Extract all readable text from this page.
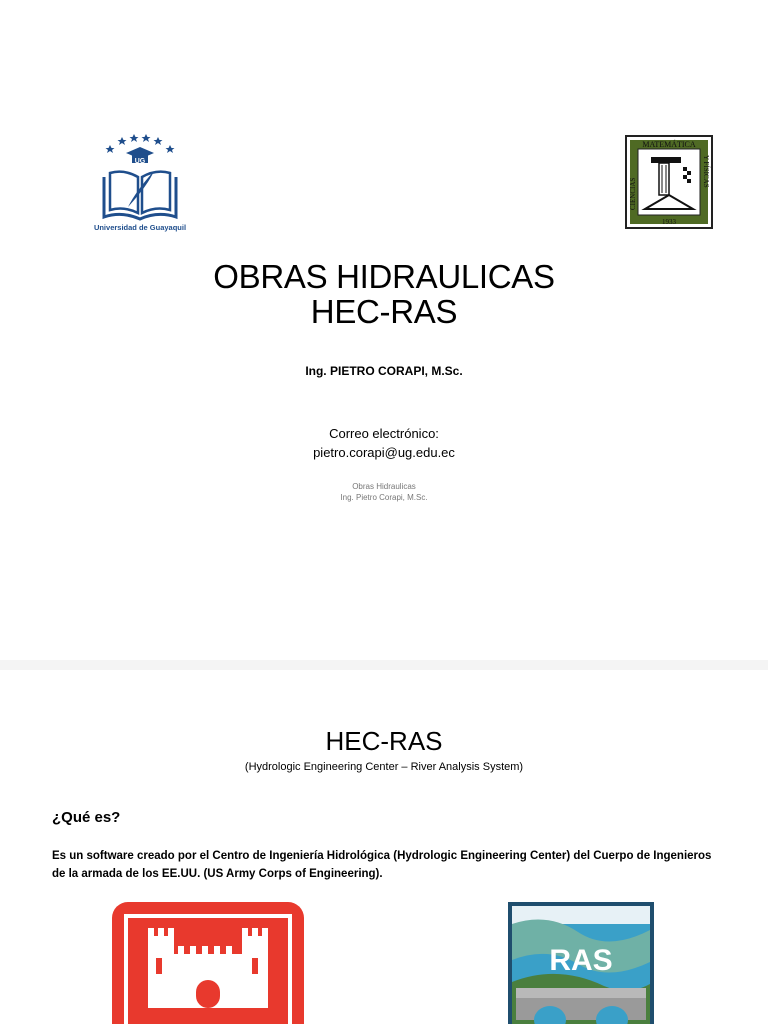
UG
Universidad de Guayaquil
MATEMÁTICA
CIENCIAS
Y FÍSICAS
1933
OBRAS HIDRAULICAS
HEC-RAS
Ing. PIETRO CORAPI, M.Sc.
Correo electrónico:
pietro.corapi@ug.edu.ec
Obras Hidraulicas
Ing. Pietro Corapi, M.Sc.
HEC-RAS
(Hydrologic Engineering Center – River Analysis System)
¿Qué es?
Es un software creado por el Centro de Ingeniería Hidrológica (Hydrologic Engineering Center) del Cuerpo de Ingenieros de la armada de los EE.UU. (US Army Corps of Engineering).
RAS
